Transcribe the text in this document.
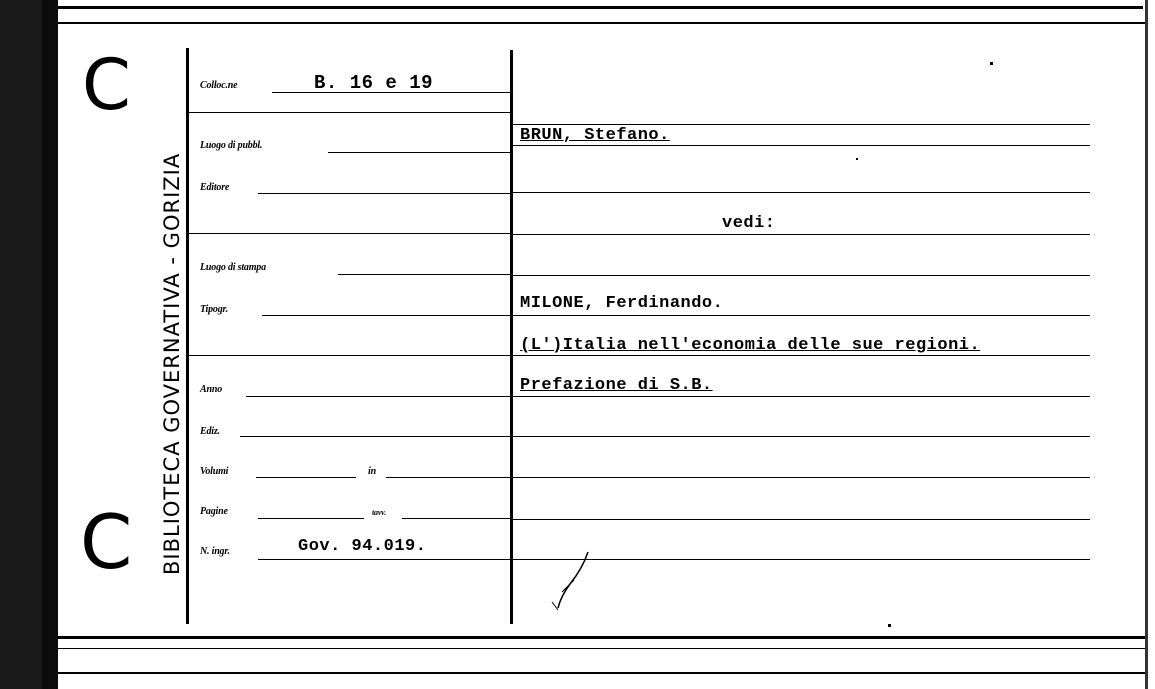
C
C BIBLIOTECA GOVERNATIVA - GORIZIA
Colloc.ne	B. 16 e 19
Luogo di pubbl.
Editore
Luogo di stampa
Tipogr.
Anno
Ediz.
Volumi	in
Pagine	tavv.
N. ingr.	Gov. 94.019.
BRUN, Stefano.
vedi:
MILONE, Ferdinando.
(L')Italia nell'economia delle sue regioni.
Prefazione di S.B.
